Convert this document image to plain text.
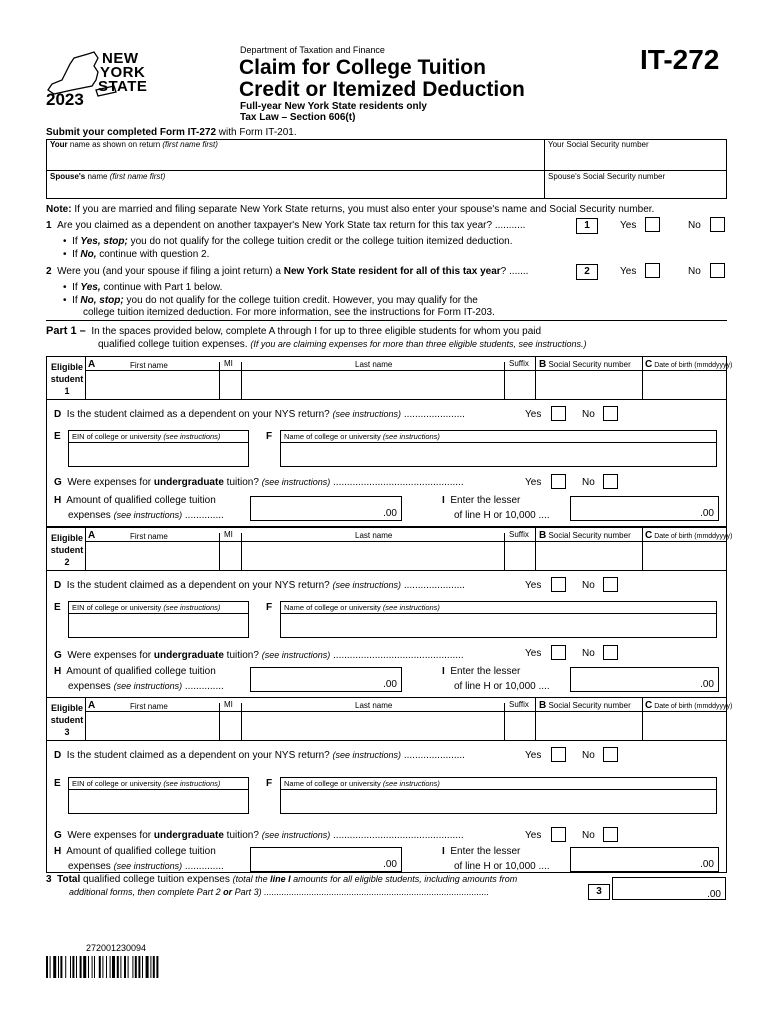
NEW
YORK
STATE
2023
Department of Taxation and Finance
Claim for College Tuition
Credit or Itemized Deduction
Full-year New York State residents only
Tax Law – Section 606(t)
IT-272
Submit your completed Form IT-272 with Form IT-201.
Your name as shown on return (first name first)	Your Social Security number
Spouse's name (first name first)	Spouse's Social Security number
Note: If you are married and filing separate New York State returns, you must also enter your spouse's name and Social Security number.
1 Are you claimed as a dependent on another taxpayer's New York State tax return for this tax year? ...........	1	Yes	No
•  If Yes, stop; you do not qualify for the college tuition credit or the college tuition itemized deduction.
•  If No, continue with question 2.
2 Were you (and your spouse if filing a joint return) a New York State resident for all of this tax year? .......	2	Yes	No
•  If Yes, continue with Part 1 below.
•  If No, stop; you do not qualify for the college tuition credit. However, you may qualify for the
college tuition itemized deduction. For more information, see the instructions for Form IT-203.
Part 1 – In the spaces provided below, complete A through I for up to three eligible students for whom you paid
qualified college tuition expenses. (If you are claiming expenses for more than three eligible students, see instructions.)
Eligible
student
1
A	First name	MI	Last name	Suffix B Social Security number C Date of birth (mmddyyyy)
D Is the student claimed as a dependent on your NYS return? (see instructions) ......................	Yes	No
E EIN of college or university (see instructions)	F Name of college or university (see instructions)
G Were expenses for undergraduate tuition? (see instructions) ...............................................	Yes	No
H Amount of qualified college tuition
expenses (see instructions) ..............	.00
I Enter the lesser
of line H or 10,000 ....	.00
Eligible
student
2
A	First name	MI	Last name	Suffix B Social Security number C Date of birth (mmddyyyy)
D Is the student claimed as a dependent on your NYS return? (see instructions) ......................	Yes	No
E EIN of college or university (see instructions)	F Name of college or university (see instructions)
G Were expenses for undergraduate tuition? (see instructions) ...............................................	Yes	No
H Amount of qualified college tuition
expenses (see instructions) ..............	.00
I Enter the lesser
of line H or 10,000 ....	.00
Eligible
student
3
A	First name	MI	Last name	Suffix B Social Security number C Date of birth (mmddyyyy)
D Is the student claimed as a dependent on your NYS return? (see instructions) ......................	Yes	No
E EIN of college or university (see instructions)	F Name of college or university (see instructions)
G Were expenses for undergraduate tuition? (see instructions) ...............................................	Yes	No
H Amount of qualified college tuition
expenses (see instructions) ..............	.00
I Enter the lesser
of line H or 10,000 ....	.00
3 Total qualified college tuition expenses (total the line I amounts for all eligible students, including amounts from
additional forms, then complete Part 2 or Part 3) ..........................................................................................	3	.00
272001230094
